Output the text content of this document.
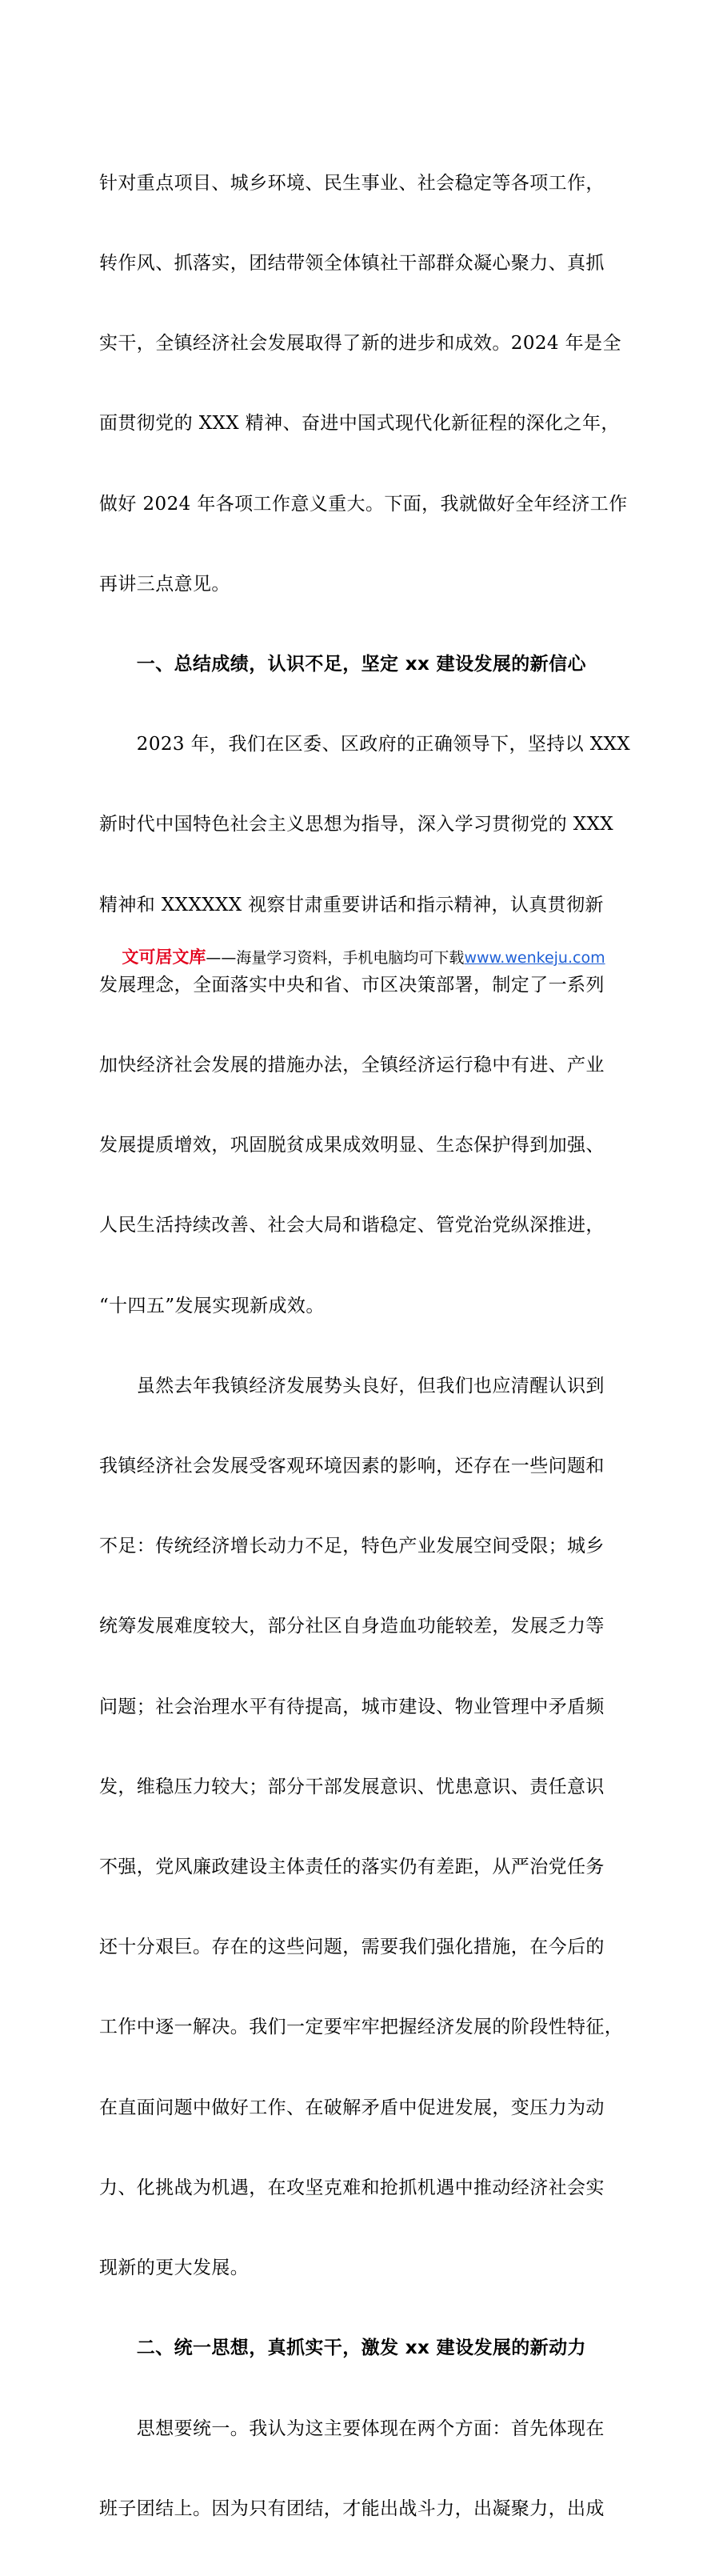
针对重点项目、城乡环境、民生事业、社会稳定等各项工作，

转作风、抓落实，团结带领全体镇社干部群众凝心聚力、真抓

实干，全镇经济社会发展取得了新的进步和成效。2024 年是全

面贯彻党的 XXX 精神、奋进中国式现代化新征程的深化之年，

做好 2024 年各项工作意义重大。下面，我就做好全年经济工作

再讲三点意见。

　　一、总结成绩，认识不足，坚定 xx 建设发展的新信心

　　2023 年，我们在区委、区政府的正确领导下，坚持以 XXX

新时代中国特色社会主义思想为指导，深入学习贯彻党的 XXX

精神和 XXXXXX 视察甘肃重要讲话和指示精神，认真贯彻新

发展理念，全面落实中央和省、市区决策部署，制定了一系列

加快经济社会发展的措施办法，全镇经济运行稳中有进、产业

发展提质增效，巩固脱贫成果成效明显、生态保护得到加强、

人民生活持续改善、社会大局和谐稳定、管党治党纵深推进，

“十四五”发展实现新成效。

　　虽然去年我镇经济发展势头良好，但我们也应清醒认识到

我镇经济社会发展受客观环境因素的影响，还存在一些问题和

不足：传统经济增长动力不足，特色产业发展空间受限；城乡

统筹发展难度较大，部分社区自身造血功能较差，发展乏力等

问题；社会治理水平有待提高，城市建设、物业管理中矛盾频

发，维稳压力较大；部分干部发展意识、忧患意识、责任意识

不强，党风廉政建设主体责任的落实仍有差距，从严治党任务

还十分艰巨。存在的这些问题，需要我们强化措施，在今后的

工作中逐一解决。我们一定要牢牢把握经济发展的阶段性特征，

在直面问题中做好工作、在破解矛盾中促进发展，变压力为动

力、化挑战为机遇，在攻坚克难和抢抓机遇中推动经济社会实

现新的更大发展。

　　二、统一思想，真抓实干，激发 xx 建设发展的新动力

　　思想要统一。我认为这主要体现在两个方面：首先体现在

班子团结上。因为只有团结，才能出战斗力，出凝聚力，出成

文可居文库——海量学习资料，手机电脑均可下载www.wenkeju.com
